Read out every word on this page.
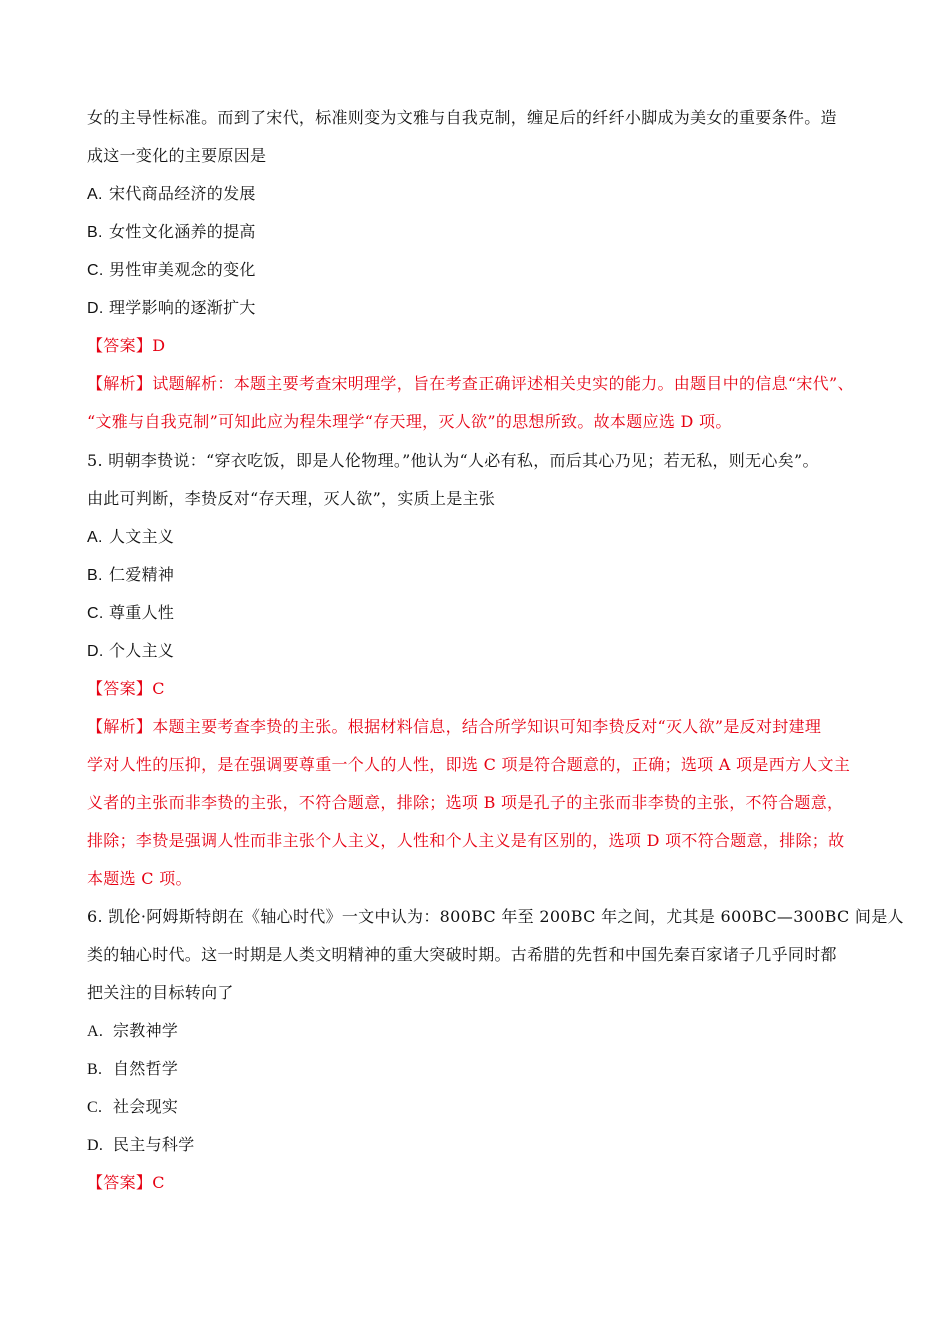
女的主导性标准。而到了宋代，标准则变为文雅与自我克制，缠足后的纤纤小脚成为美女的重要条件。造
成这一变化的主要原因是
A. 宋代商品经济的发展
B. 女性文化涵养的提高
C. 男性审美观念的变化
D. 理学影响的逐渐扩大
【答案】D
【解析】试题解析：本题主要考查宋明理学，旨在考查正确评述相关史实的能力。由题目中的信息“宋代”、
“文雅与自我克制”可知此应为程朱理学“存天理，灭人欲”的思想所致。故本题应选 D 项。
5. 明朝李贽说：“穿衣吃饭，即是人伦物理。”他认为“人必有私，而后其心乃见；若无私，则无心矣”。
由此可判断，李贽反对“存天理，灭人欲”，实质上是主张
A. 人文主义
B. 仁爱精神
C. 尊重人性
D. 个人主义
【答案】C
【解析】本题主要考查李贽的主张。根据材料信息，结合所学知识可知李贽反对“灭人欲”是反对封建理
学对人性的压抑，是在强调要尊重一个人的人性，即选 C 项是符合题意的，正确；选项 A 项是西方人文主
义者的主张而非李贽的主张，不符合题意，排除；选项 B 项是孔子的主张而非李贽的主张，不符合题意，
排除；李贽是强调人性而非主张个人主义，人性和个人主义是有区别的，选项 D 项不符合题意，排除；故
本题选 C 项。
6. 凯伦·阿姆斯特朗在《轴心时代》一文中认为：800BC 年至 200BC 年之间，尤其是 600BC—300BC 间是人
类的轴心时代。这一时期是人类文明精神的重大突破时期。古希腊的先哲和中国先秦百家诸子几乎同时都
把关注的目标转向了
A. 宗教神学
B. 自然哲学
C. 社会现实
D. 民主与科学
【答案】C
